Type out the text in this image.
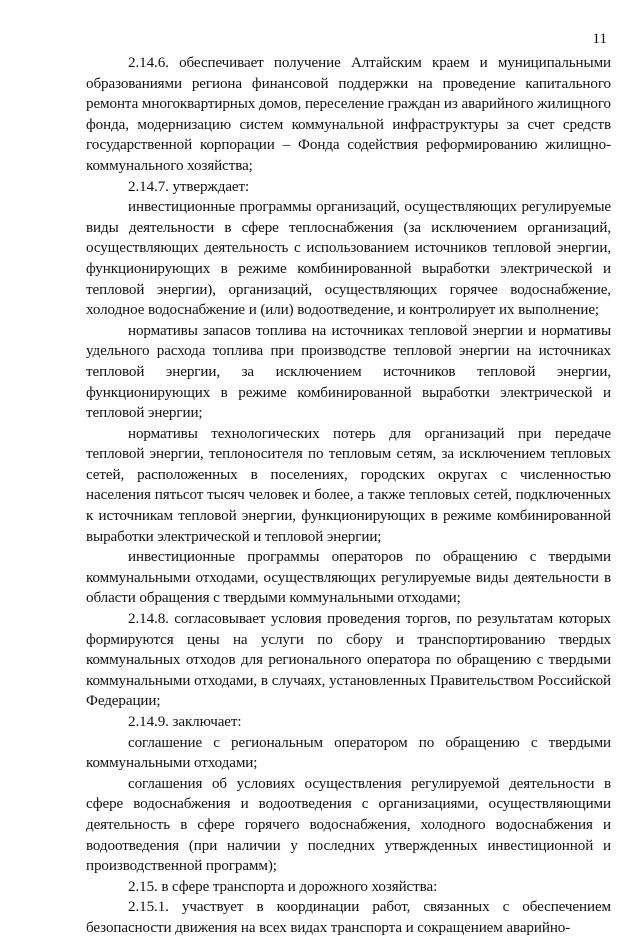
11

2.14.6. обеспечивает получение Алтайским краем и муниципальными образованиями региона финансовой поддержки на проведение капитального ремонта многоквартирных домов, переселение граждан из аварийного жилищного фонда, модернизацию систем коммунальной инфраструктуры за счет средств государственной корпорации – Фонда содействия реформированию жилищно-коммунального хозяйства;

2.14.7. утверждает:

инвестиционные программы организаций, осуществляющих регулируемые виды деятельности в сфере теплоснабжения (за исключением организаций, осуществляющих деятельность с использованием источников тепловой энергии, функционирующих в режиме комбинированной выработки электрической и тепловой энергии), организаций, осуществляющих горячее водоснабжение, холодное водоснабжение и (или) водоотведение, и контролирует их выполнение;

нормативы запасов топлива на источниках тепловой энергии и нормативы удельного расхода топлива при производстве тепловой энергии на источниках тепловой энергии, за исключением источников тепловой энергии, функционирующих в режиме комбинированной выработки электрической и тепловой энергии;

нормативы технологических потерь для организаций при передаче тепловой энергии, теплоносителя по тепловым сетям, за исключением тепловых сетей, расположенных в поселениях, городских округах с численностью населения пятьсот тысяч человек и более, а также тепловых сетей, подключенных к источникам тепловой энергии, функционирующих в режиме комбинированной выработки электрической и тепловой энергии;

инвестиционные программы операторов по обращению с твердыми коммунальными отходами, осуществляющих регулируемые виды деятельности в области обращения с твердыми коммунальными отходами;

2.14.8. согласовывает условия проведения торгов, по результатам которых формируются цены на услуги по сбору и транспортированию твердых коммунальных отходов для регионального оператора по обращению с твердыми коммунальными отходами, в случаях, установленных Правительством Российской Федерации;

2.14.9. заключает:

соглашение с региональным оператором по обращению с твердыми коммунальными отходами;

соглашения об условиях осуществления регулируемой деятельности в сфере водоснабжения и водоотведения с организациями, осуществляющими деятельность в сфере горячего водоснабжения, холодного водоснабжения и водоотведения (при наличии у последних утвержденных инвестиционной и производственной программ);

2.15. в сфере транспорта и дорожного хозяйства:

2.15.1. участвует в координации работ, связанных с обеспечением безопасности движения на всех видах транспорта и сокращением аварийно-
